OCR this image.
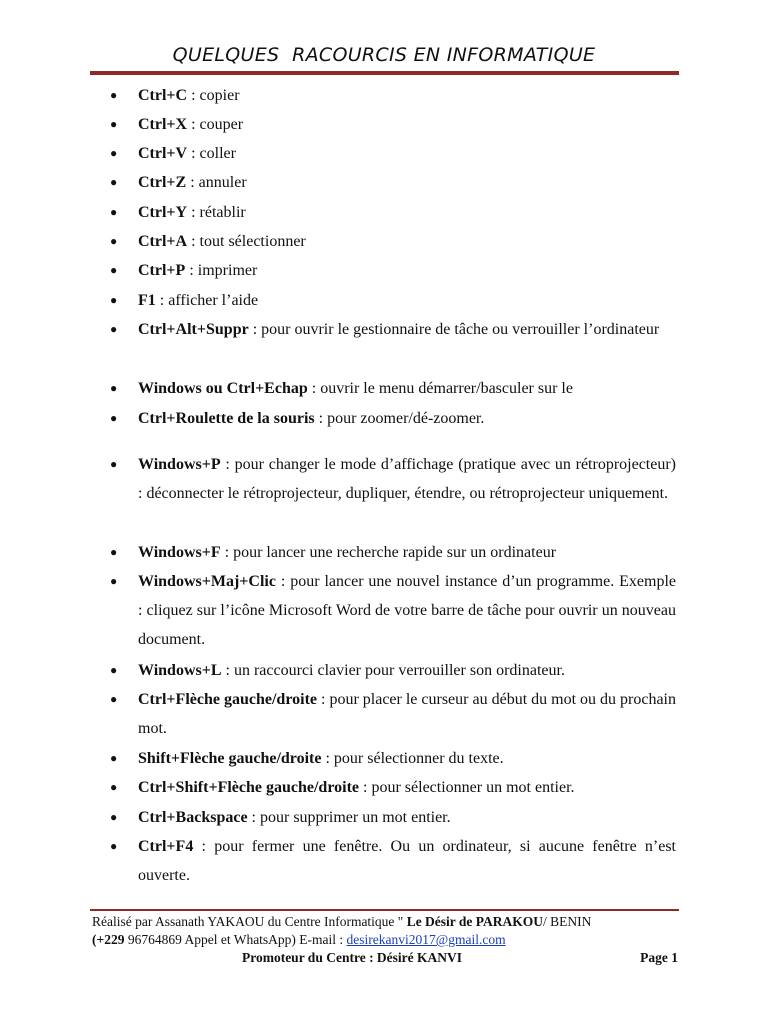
QUELQUES  RACOURCIS EN INFORMATIQUE
● Ctrl+C : copier
● Ctrl+X : couper
● Ctrl+V : coller
● Ctrl+Z : annuler
● Ctrl+Y : rétablir
● Ctrl+A : tout sélectionner
● Ctrl+P : imprimer
● F1 : afficher l’aide
● Ctrl+Alt+Suppr : pour ouvrir le gestionnaire de tâche ou verrouiller l’ordinateur
● Windows ou Ctrl+Echap : ouvrir le menu démarrer/basculer sur le
● Ctrl+Roulette de la souris : pour zoomer/dé-zoomer.
● Windows+P : pour changer le mode d’affichage (pratique avec un rétroprojecteur) : déconnecter le rétroprojecteur, dupliquer, étendre, ou rétroprojecteur uniquement.
● Windows+F : pour lancer une recherche rapide sur un ordinateur
● Windows+Maj+Clic : pour lancer une nouvel instance d’un programme. Exemple : cliquez sur l’icône Microsoft Word de votre barre de tâche pour ouvrir un nouveau document.
● Windows+L : un raccourci clavier pour verrouiller son ordinateur.
● Ctrl+Flèche gauche/droite : pour placer le curseur au début du mot ou du prochain mot.
● Shift+Flèche gauche/droite : pour sélectionner du texte.
● Ctrl+Shift+Flèche gauche/droite : pour sélectionner un mot entier.
● Ctrl+Backspace : pour supprimer un mot entier.
● Ctrl+F4 : pour fermer une fenêtre. Ou un ordinateur, si aucune fenêtre n’est ouverte.
Réalisé par Assanath YAKAOU du Centre Informatique " Le Désir de PARAKOU/ BENIN
(+229 96764869 Appel et WhatsApp) E-mail : desirekanvi2017@gmail.com
Promoteur du Centre : Désiré KANVI	Page 1
